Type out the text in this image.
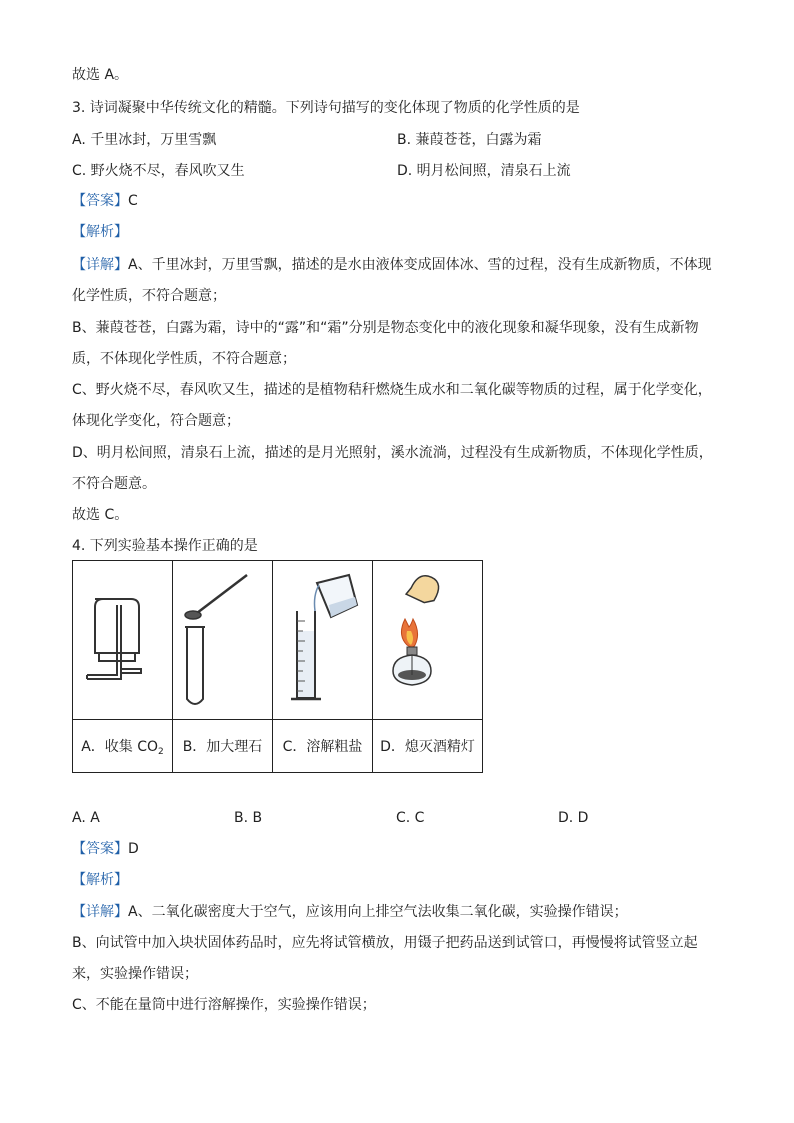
故选 A。
3. 诗词凝聚中华传统文化的精髓。下列诗句描写的变化体现了物质的化学性质的是
A. 千里冰封，万里雪飘	B. 蒹葭苍苍，白露为霜
C. 野火烧不尽，春风吹又生	D. 明月松间照，清泉石上流
【答案】C
【解析】
【详解】A、千里冰封，万里雪飘，描述的是水由液体变成固体冰、雪的过程，没有生成新物质，不体现
化学性质，不符合题意；
B、蒹葭苍苍，白露为霜，诗中的“露”和“霜”分别是物态变化中的液化现象和凝华现象，没有生成新物
质，不体现化学性质，不符合题意；
C、野火烧不尽，春风吹又生，描述的是植物秸秆燃烧生成水和二氧化碳等物质的过程，属于化学变化，
体现化学变化，符合题意；
D、明月松间照，清泉石上流，描述的是月光照射，溪水流淌，过程没有生成新物质，不体现化学性质，
不符合题意。
故选 C。
4. 下列实验基本操作正确的是

A．收集 $CO_2$	B．加大理石	C．溶解粗盐	D．熄灭酒精灯
A. A	B. B	C. C	D. D
【答案】D
【解析】
【详解】A、二氧化碳密度大于空气，应该用向上排空气法收集二氧化碳，实验操作错误；
B、向试管中加入块状固体药品时，应先将试管横放，用镊子把药品送到试管口，再慢慢将试管竖立起
来，实验操作错误；
C、不能在量筒中进行溶解操作，实验操作错误；
